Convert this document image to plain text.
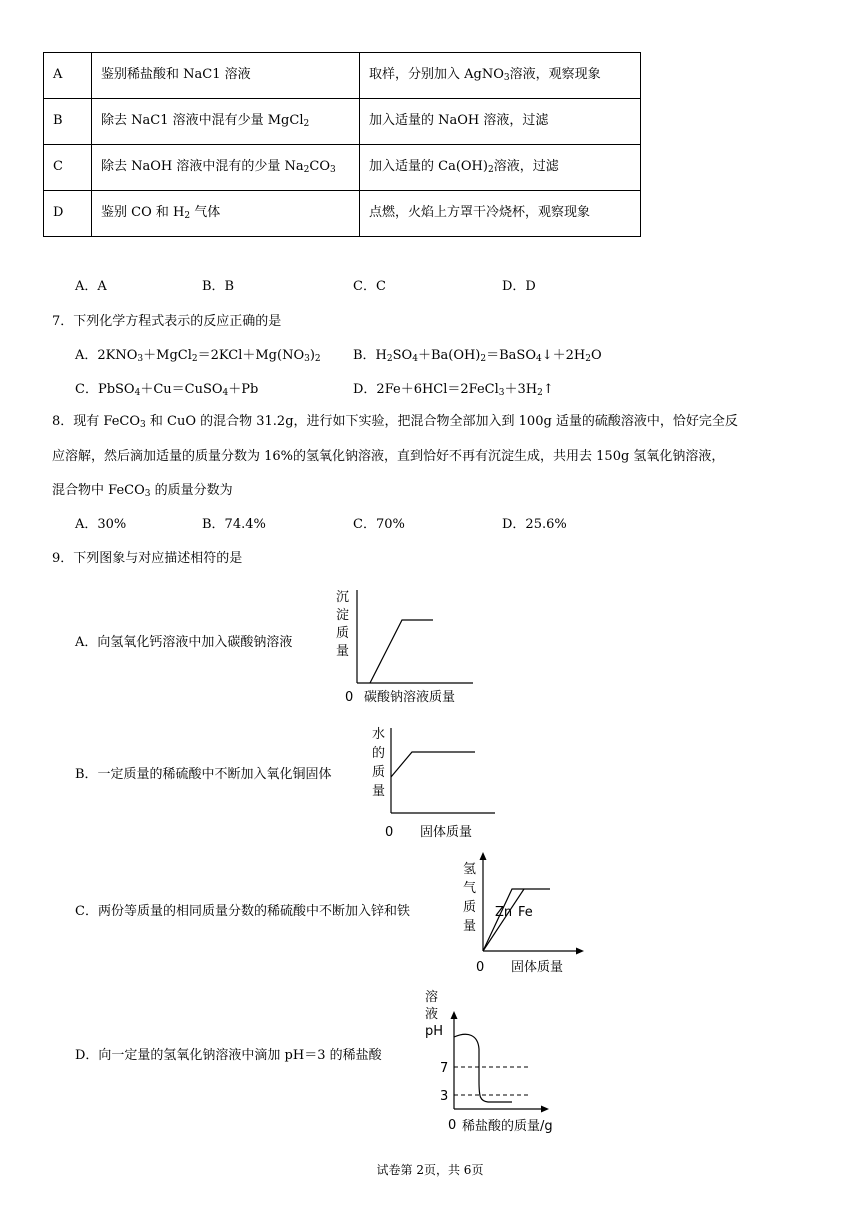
A	鉴别稀盐酸和 NaC1 溶液	取样，分别加入 AgNO$_3$溶液，观察现象
B	除去 NaC1 溶液中混有少量 MgCl$_2$	加入适量的 NaOH 溶液，过滤
C	除去 NaOH 溶液中混有的少量 $Na_2CO_3$	加入适量的 $Ca(OH)_2$溶液，过滤
D	鉴别 CO 和 $H_2$ 气体	点燃，火焰上方罩干冷烧杯，观察现象
A．A	B．B	C．C	D．D
7．下列化学方程式表示的反应正确的是
A．$2KNO_3+MgCl_2=2KCl+Mg(NO_3)_2$ B．$H_2SO_4+Ba(OH)_2=BaSO_4↓+2H_2O$
C．PbSO$_4$＋Cu＝CuSO$_4$＋Pb	D．$2Fe+6HCl=2FeCl_3+3H_2↑$
8．现有 FeCO$_3$ 和 CuO 的混合物 31.2g，进行如下实验，把混合物全部加入到 100g 适量的硫酸溶液中，恰好完全反
应溶解，然后滴加适量的质量分数为 16%的氢氧化钠溶液，直到恰好不再有沉淀生成，共用去 150g 氢氧化钠溶液，
混合物中 FeCO$_3$ 的质量分数为
A．30%	B．74.4%	C．70%	D．25.6%
9．下列图象与对应描述相符的是
A．向氢氧化钙溶液中加入碳酸钠溶液
沉
淀
质
量
0 碳酸钠溶液质量
B．一定质量的稀硫酸中不断加入氧化铜固体
水
的
质
量
0 固体质量
C．两份等质量的相同质量分数的稀硫酸中不断加入锌和铁
氢
气
质
量
Zn Fe
0 固体质量
D．向一定量的氢氧化钠溶液中滴加 pH＝3 的稀盐酸
溶
液
pH
7
3
0 稀盐酸的质量/g
试卷第 2页，共 6页
